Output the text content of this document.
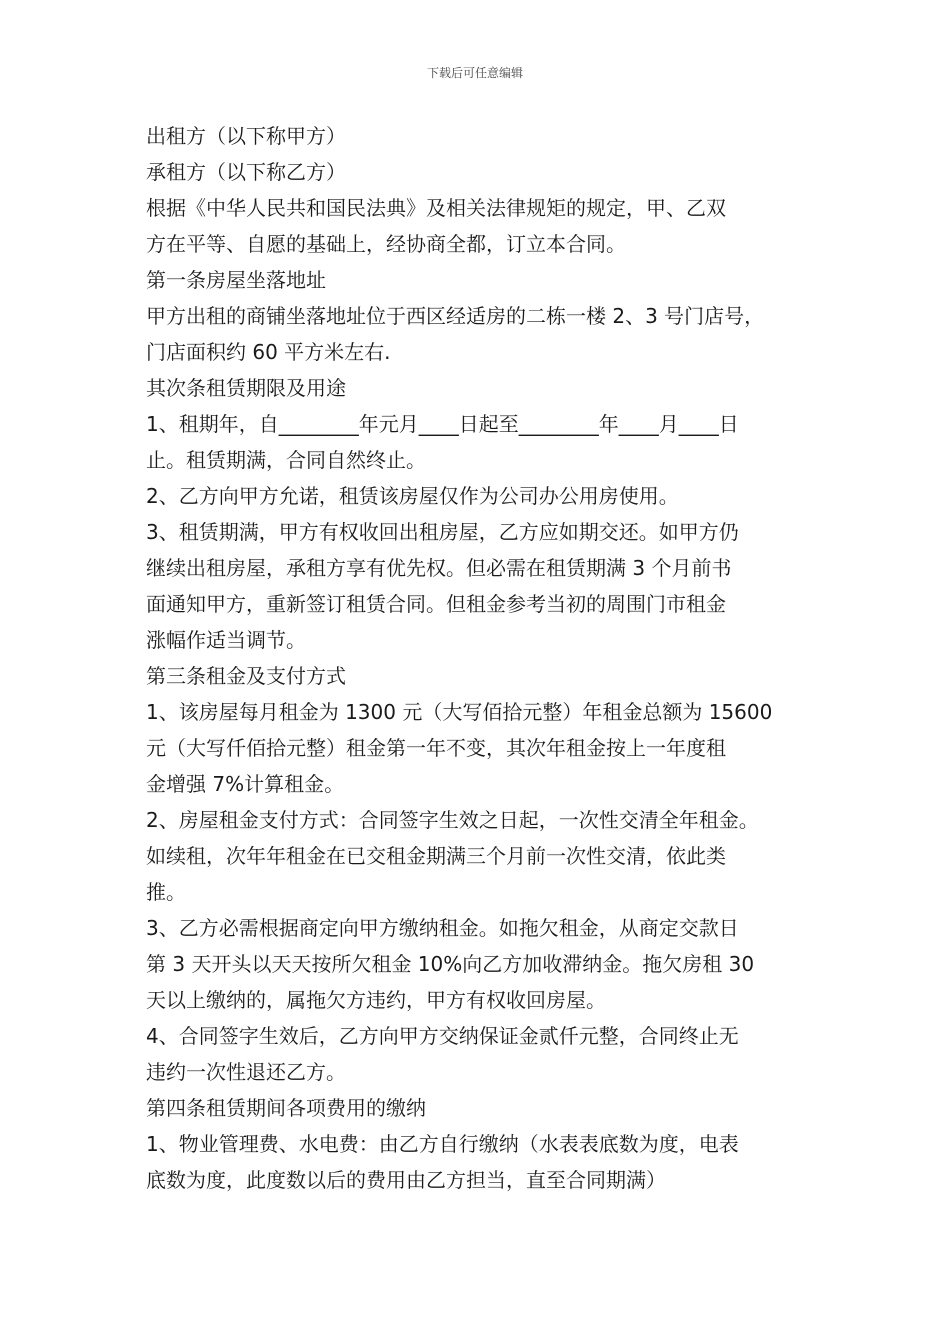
下载后可任意编辑
出租方（以下称甲方）
承租方（以下称乙方）
根据《中华人民共和国民法典》及相关法律规矩的规定，甲、乙双
方在平等、自愿的基础上，经协商全都，订立本合同。
第一条房屋坐落地址
甲方出租的商铺坐落地址位于西区经适房的二栋一楼 2、3 号门店号，
门店面积约 60 平方米左右.
其次条租赁期限及用途
1、租期年，自________年元月____日起至________年____月____日
止。租赁期满，合同自然终止。
2、乙方向甲方允诺，租赁该房屋仅作为公司办公用房使用。
3、租赁期满，甲方有权收回出租房屋，乙方应如期交还。如甲方仍
继续出租房屋，承租方享有优先权。但必需在租赁期满 3 个月前书
面通知甲方，重新签订租赁合同。但租金参考当初的周围门市租金
涨幅作适当调节。
第三条租金及支付方式
1、该房屋每月租金为 1300 元（大写佰拾元整）年租金总额为 15600
元（大写仟佰拾元整）租金第一年不变，其次年租金按上一年度租
金增强 7%计算租金。
2、房屋租金支付方式：合同签字生效之日起，一次性交清全年租金。
如续租，次年年租金在已交租金期满三个月前一次性交清，依此类
推。
3、乙方必需根据商定向甲方缴纳租金。如拖欠租金，从商定交款日
第 3 天开头以天天按所欠租金 10%向乙方加收滞纳金。拖欠房租 30
天以上缴纳的，属拖欠方违约，甲方有权收回房屋。
4、合同签字生效后，乙方向甲方交纳保证金贰仟元整，合同终止无
违约一次性退还乙方。
第四条租赁期间各项费用的缴纳
1、物业管理费、水电费：由乙方自行缴纳（水表表底数为度，电表
底数为度，此度数以后的费用由乙方担当，直至合同期满）
